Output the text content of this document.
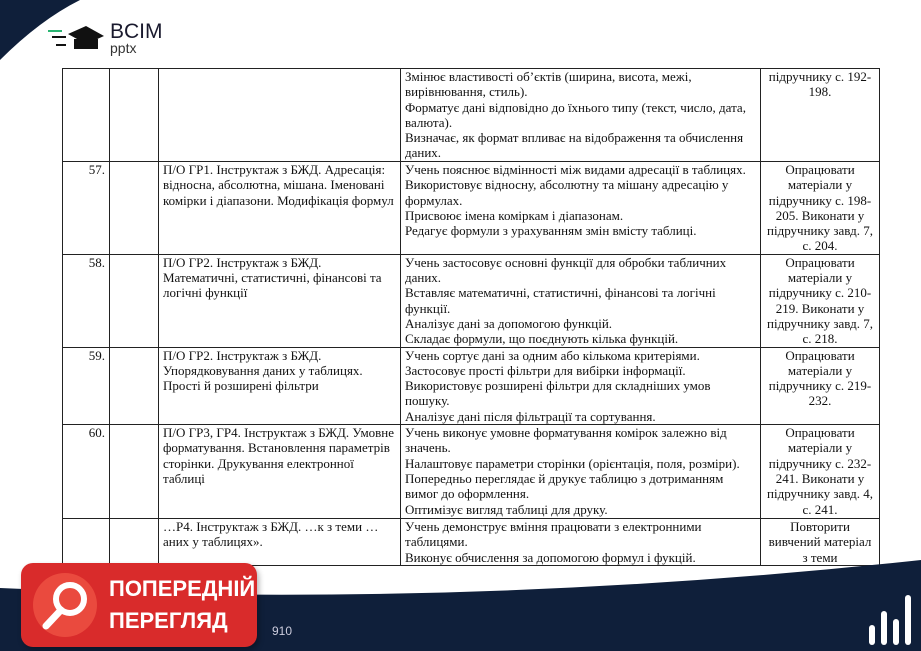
BCIM
pptx
			Змінює властивості об’єктів (ширина, висота, межі, вирівнювання, стиль).
Форматує дані відповідно до їхнього типу (текст, число, дата, валюта).
Визначає, як формат впливає на відображення та обчислення даних.	підручнику с. 192-198.
57.		П/О ГР1. Інструктаж з БЖД. Адресація: відносна, абсолютна, мішана. Іменовані комірки і діапазони. Модифікація формул	Учень пояснює відмінності між видами адресації в таблицях.
Використовує відносну, абсолютну та мішану адресацію у формулах.
Присвоює імена коміркам і діапазонам.
Редагує формули з урахуванням змін вмісту таблиці.	Опрацювати матеріали у підручнику с. 198-205. Виконати у підручнику завд. 7, с. 204.
58.		П/О ГР2. Інструктаж з БЖД. Математичні, статистичні, фінансові та логічні функції	Учень застосовує основні функції для обробки табличних даних.
Вставляє математичні, статистичні, фінансові та логічні функції.
Аналізує дані за допомогою функцій.
Складає формули, що поєднують кілька функцій.	Опрацювати матеріали у підручнику с. 210-219. Виконати у підручнику завд. 7, с. 218.
59.		П/О ГР2. Інструктаж з БЖД. Упорядковування даних у таблицях. Прості й розширені фільтри	Учень сортує дані за одним або кількома критеріями.
Застосовує прості фільтри для вибірки інформації.
Використовує розширені фільтри для складніших умов пошуку.
Аналізує дані після фільтрації та сортування.	Опрацювати матеріали у підручнику с. 219-232.
60.		П/О ГР3, ГР4. Інструктаж з БЖД. Умовне форматування. Встановлення параметрів сторінки. Друкування електронної таблиці	Учень виконує умовне форматування комірок залежно від значень.
Налаштовує параметри сторінки (орієнтація, поля, розміри).
Попередньо переглядає й друкує таблицю з дотриманням вимог до оформлення.
Оптимізує вигляд таблиці для друку.	Опрацювати матеріали у підручнику с. 232-241. Виконати у підручнику завд. 4, с. 241.
		…Р4. Інструктаж з БЖД. …к з теми …аних у таблицях».	Учень демонструє вміння працювати з електронними таблицями.
Виконує обчислення за допомогою формул і фукцій.	Повторити вивчений матеріал з теми
910
ПОПЕРЕДНІЙ
ПЕРЕГЛЯД
